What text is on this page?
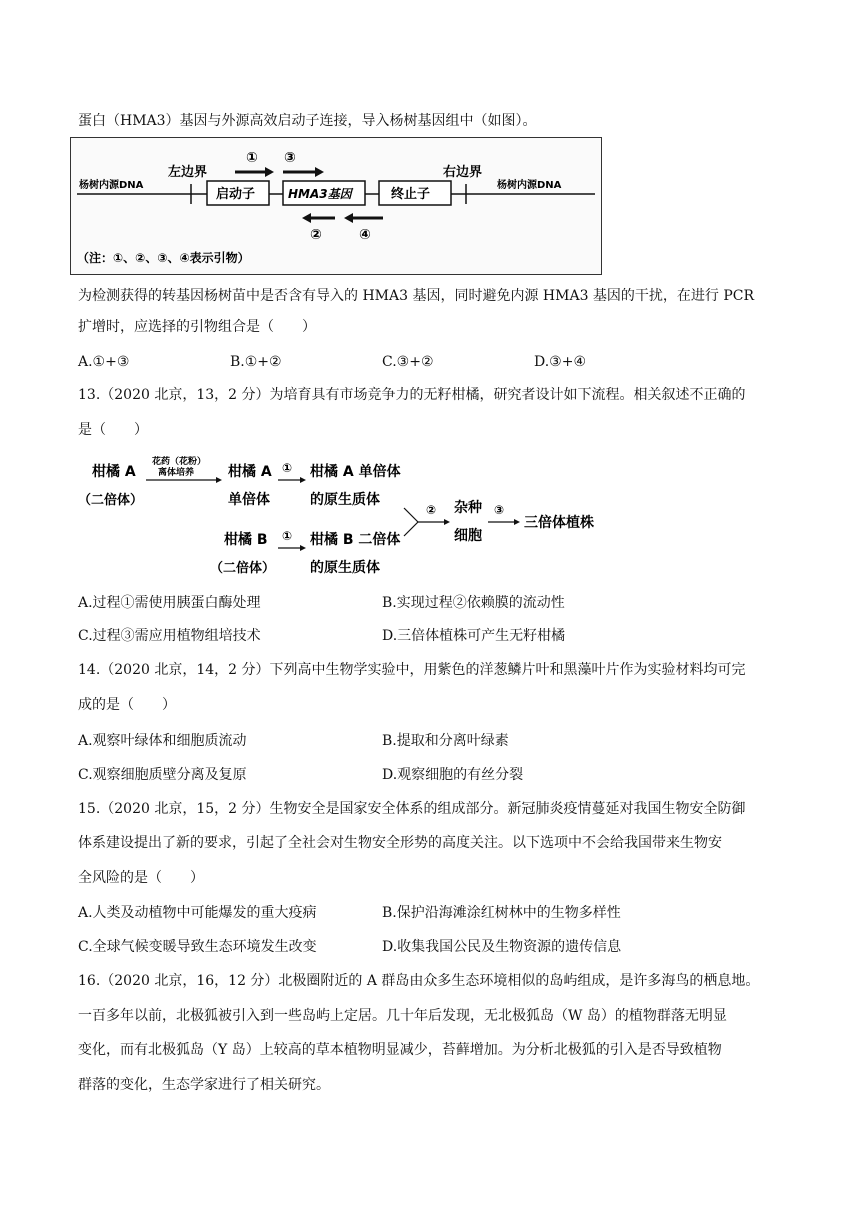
蛋白（HMA3）基因与外源高效启动子连接，导入杨树基因组中（如图）。
杨树内源DNA	杨树内源DNA
左边界	右边界
启动子	HMA3基因	终止子
① ③
②	④
（注：①、②、③、④表示引物）
为检测获得的转基因杨树苗中是否含有导入的 HMA3 基因，同时避免内源 HMA3 基因的干扰，在进行 PCR
扩增时，应选择的引物组合是（　　）
A.①+③	B.①+②	C.③+②	D.③+④
13.（2020 北京，13，2 分）为培育具有市场竞争力的无籽柑橘，研究者设计如下流程。相关叙述不正确的
是（　　）
柑橘 A
（二倍体）
花药（花粉）
离体培养 柑橘 A
单倍体
① 柑橘 A 单倍体
的原生质体
柑橘 B
（二倍体）
① 柑橘 B 二倍体
的原生质体
② 杂种
细胞
③
三倍体植株
A.过程①需使用胰蛋白酶处理	B.实现过程②依赖膜的流动性
C.过程③需应用植物组培技术	D.三倍体植株可产生无籽柑橘
14.（2020 北京，14，2 分）下列高中生物学实验中，用紫色的洋葱鳞片叶和黑藻叶片作为实验材料均可完
成的是（　　）
A.观察叶绿体和细胞质流动	B.提取和分离叶绿素
C.观察细胞质壁分离及复原	D.观察细胞的有丝分裂
15.（2020 北京，15，2 分）生物安全是国家安全体系的组成部分。新冠肺炎疫情蔓延对我国生物安全防御
体系建设提出了新的要求，引起了全社会对生物安全形势的高度关注。以下选项中不会给我国带来生物安
全风险的是（　　）
A.人类及动植物中可能爆发的重大疫病	B.保护沿海滩涂红树林中的生物多样性
C.全球气候变暖导致生态环境发生改变	D.收集我国公民及生物资源的遗传信息
16.（2020 北京，16，12 分）北极圈附近的 A 群岛由众多生态环境相似的岛屿组成，是许多海鸟的栖息地。
一百多年以前，北极狐被引入到一些岛屿上定居。几十年后发现，无北极狐岛（W 岛）的植物群落无明显
变化，而有北极狐岛（Y 岛）上较高的草本植物明显减少，苔藓增加。为分析北极狐的引入是否导致植物
群落的变化，生态学家进行了相关研究。
